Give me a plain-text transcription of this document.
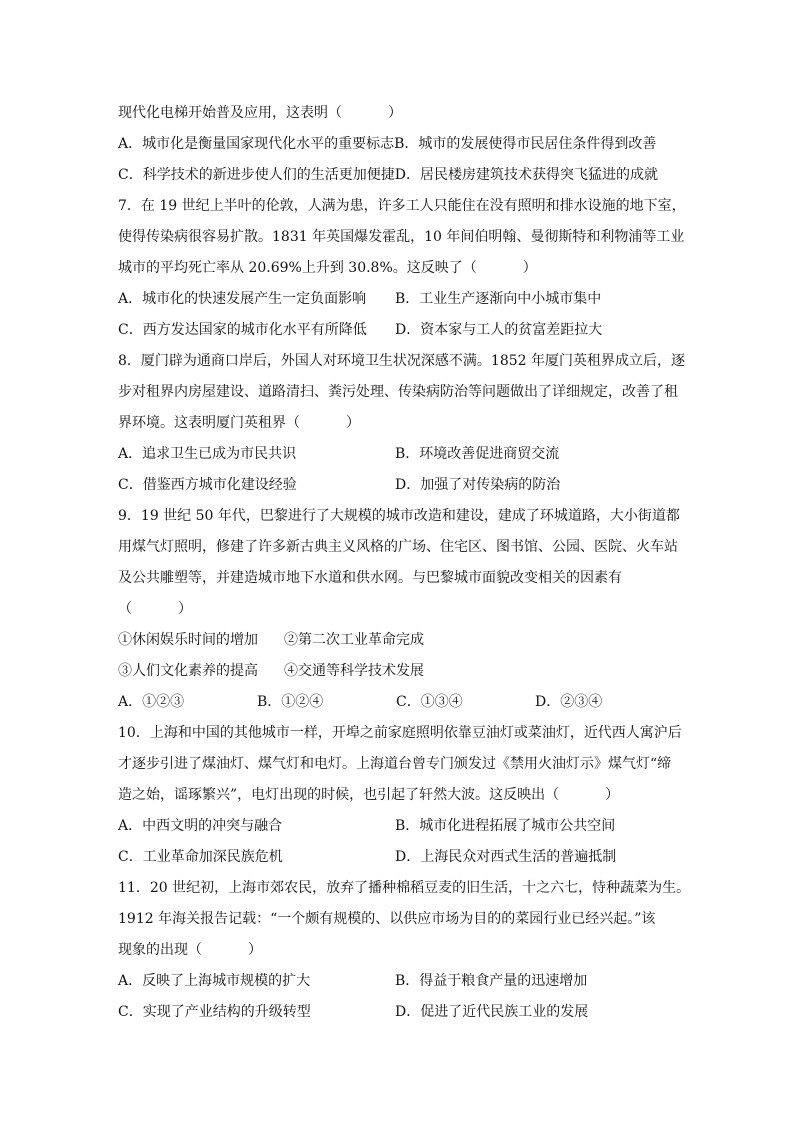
现代化电梯开始普及应用，这表明（	）
A．城市化是衡量国家现代化水平的重要标志B．城市的发展使得市民居住条件得到改善
C．科学技术的新进步使人们的生活更加便捷D．居民楼房建筑技术获得突飞猛进的成就
7．在 19 世纪上半叶的伦敦，人满为患，许多工人只能住在没有照明和排水设施的地下室，
使得传染病很容易扩散。1831 年英国爆发霍乱，10 年间伯明翰、曼彻斯特和利物浦等工业
城市的平均死亡率从 20.69%上升到 30.8%。这反映了（	）
A．城市化的快速发展产生一定负面影响	B．工业生产逐渐向中小城市集中
C．西方发达国家的城市化水平有所降低	D．资本家与工人的贫富差距拉大
8．厦门辟为通商口岸后，外国人对环境卫生状况深感不满。1852 年厦门英租界成立后，逐
步对租界内房屋建设、道路清扫、粪污处理、传染病防治等问题做出了详细规定，改善了租
界环境。这表明厦门英租界（	）
A．追求卫生已成为市民共识	B．环境改善促进商贸交流
C．借鉴西方城市化建设经验	D．加强了对传染病的防治
9．19 世纪 50 年代，巴黎进行了大规模的城市改造和建设，建成了环城道路，大小街道都
用煤气灯照明，修建了许多新古典主义风格的广场、住宅区、图书馆、公园、医院、火车站
及公共雕塑等，并建造城市地下水道和供水网。与巴黎城市面貌改变相关的因素有
（	）
①休闲娱乐时间的增加 ②第二次工业革命完成
③人们文化素养的提高 ④交通等科学技术发展
A．①②③	B．①②④	C．①③④	D．②③④
10．上海和中国的其他城市一样，开埠之前家庭照明依靠豆油灯或菜油灯，近代西人寓沪后
才逐步引进了煤油灯、煤气灯和电灯。上海道台曾专门颁发过《禁用火油灯示》煤气灯“缔
造之始，谣琢繁兴”，电灯出现的时候，也引起了轩然大波。这反映出（	）
A．中西文明的冲突与融合	B．城市化进程拓展了城市公共空间
C．工业革命加深民族危机	D．上海民众对西式生活的普遍抵制
11．20 世纪初，上海市郊农民，放弃了播种棉稻豆麦的旧生活，十之六七，恃种蔬菜为生。
1912 年海关报告记载：“一个颇有规模的、以供应市场为目的的菜园行业已经兴起。”该
现象的出现（	）
A．反映了上海城市规模的扩大	B．得益于粮食产量的迅速增加
C．实现了产业结构的升级转型	D．促进了近代民族工业的发展
